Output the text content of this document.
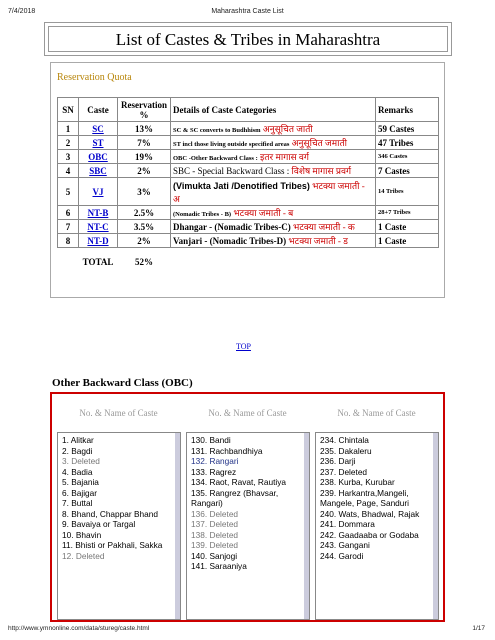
7/4/2018	Maharashtra Caste List
List of Castes & Tribes in Maharashtra
Reservation Quota
SN	Caste	Reservation %	Details of Caste Categories	Remarks
1	SC	13%	SC & SC converts to Budhhism अनुसूचित जाती	59 Castes
2	ST	7%	ST incl those living outside specified areas अनुसूचित जमाती	47 Tribes
3	OBC	19%	OBC -Other Backward Class : इतर मागास वर्ग	346 Castes
4	SBC	2%	SBC - Special Backward Class : विशेष मागास प्रवर्ग	7 Castes
5	VJ	3%	(Vimukta Jati /Denotified Tribes) भटक्या जमाती - अ	14 Tribes
6	NT-B	2.5%	(Nomadic Tribes - B) भटक्या जमाती - ब	28+7 Tribes
7	NT-C	3.5%	Dhangar - (Nomadic Tribes-C) भटक्या जमाती - क	1 Caste
8	NT-D	2%	Vanjari - (Nomadic Tribes-D) भटक्या जमाती - ड	1 Caste
	TOTAL	52%		
TOP
Other Backward Class (OBC)
No. & Name of Caste	No. & Name of Caste	No. & Name of Caste
1. Alitkar
2. Bagdi
3. Deleted
4. Badia
5. Bajania
6. Bajigar
7. Buttal
8. Bhand, Chappar Bhand
9. Bavaiya or Targal
10. Bhavin
11. Bhisti or Pakhali, Sakka
12. Deleted
130. Bandi
131. Rachbandhiya
132. Rangari
133. Ragrez
134. Raot, Ravat, Rautiya
135. Rangrez (Bhavsar, Rangari)
136. Deleted
137. Deleted
138. Deleted
139. Deleted
140. Sanjogi
141. Saraaniya
234. Chintala
235. Dakaleru
236. Darji
237. Deleted
238. Kurba, Kurubar
239. Harkantra,Mangeli, Mangele, Page, Sanduri
240. Wats, Bhadwal, Rajak
241. Dommara
242. Gaadaaba or Godaba
243. Gangani
244. Garodi
http://www.ymnonline.com/data/stureg/caste.html	1/17
